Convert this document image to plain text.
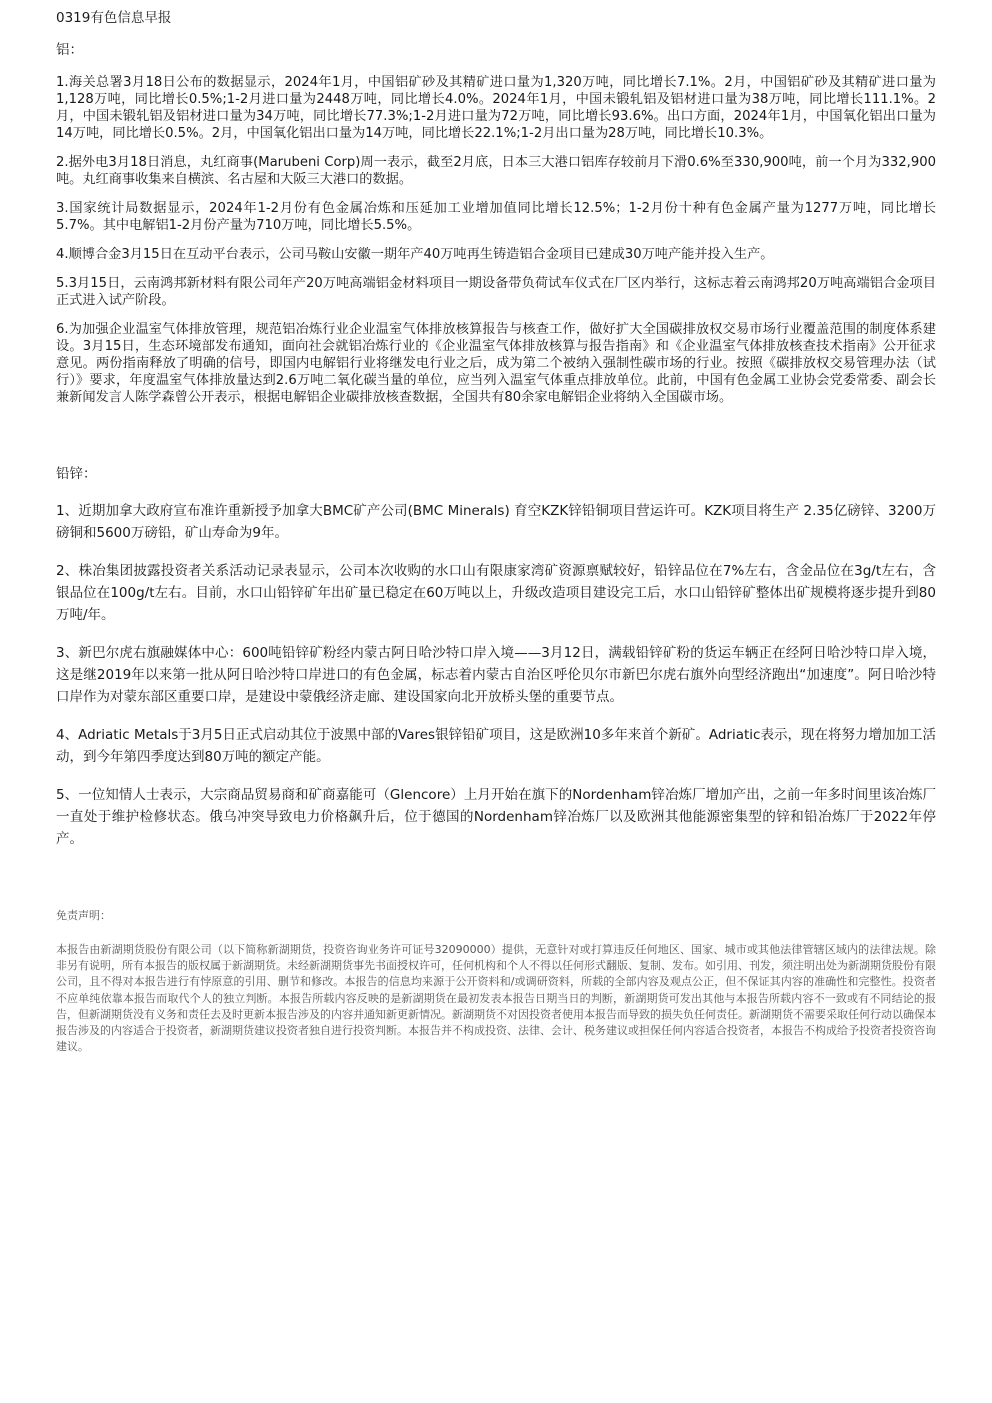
0319有色信息早报

铝：

1.海关总署3月18日公布的数据显示，2024年1月，中国铝矿砂及其精矿进口量为1,320万吨，同比增长7.1%。2月，中国铝矿砂及其精矿进口量为1,128万吨，同比增长0.5%;1-2月进口量为2448万吨，同比增长4.0%。2024年1月，中国未锻轧铝及铝材进口量为38万吨，同比增长111.1%。2月，中国未锻轧铝及铝材进口量为34万吨，同比增长77.3%;1-2月进口量为72万吨，同比增长93.6%。出口方面，2024年1月，中国氧化铝出口量为14万吨，同比增长0.5%。2月，中国氧化铝出口量为14万吨，同比增长22.1%;1-2月出口量为28万吨，同比增长10.3%。

2.据外电3月18日消息，丸红商事(Marubeni Corp)周一表示，截至2月底，日本三大港口铝库存较前月下滑0.6%至330,900吨，前一个月为332,900吨。丸红商事收集来自横滨、名古屋和大阪三大港口的数据。

3.国家统计局数据显示，2024年1-2月份有色金属冶炼和压延加工业增加值同比增长12.5%；1-2月份十种有色金属产量为1277万吨，同比增长5.7%。其中电解铝1-2月份产量为710万吨，同比增长5.5%。

4.顺博合金3月15日在互动平台表示，公司马鞍山安徽一期年产40万吨再生铸造铝合金项目已建成30万吨产能并投入生产。

5.3月15日，云南鸿邦新材料有限公司年产20万吨高端铝金材料项目一期设备带负荷试车仪式在厂区内举行，这标志着云南鸿邦20万吨高端铝合金项目正式进入试产阶段。

6.为加强企业温室气体排放管理，规范铝冶炼行业企业温室气体排放核算报告与核查工作，做好扩大全国碳排放权交易市场行业覆盖范围的制度体系建设。3月15日，生态环境部发布通知，面向社会就铝冶炼行业的《企业温室气体排放核算与报告指南》和《企业温室气体排放核查技术指南》公开征求意见。两份指南释放了明确的信号，即国内电解铝行业将继发电行业之后，成为第二个被纳入强制性碳市场的行业。按照《碳排放权交易管理办法（试行）》要求，年度温室气体排放量达到2.6万吨二氧化碳当量的单位，应当列入温室气体重点排放单位。此前，中国有色金属工业协会党委常委、副会长兼新闻发言人陈学森曾公开表示，根据电解铝企业碳排放核查数据，全国共有80余家电解铝企业将纳入全国碳市场。

铅锌：

1、近期加拿大政府宣布准许重新授予加拿大BMC矿产公司(BMC Minerals) 育空KZK锌铅铜项目营运许可。KZK项目将生产 2.35亿磅锌、3200万磅铜和5600万磅铅，矿山寿命为9年。

2、株冶集团披露投资者关系活动记录表显示，公司本次收购的水口山有限康家湾矿资源禀赋较好，铅锌品位在7%左右，含金品位在3g/t左右，含银品位在100g/t左右。目前，水口山铅锌矿年出矿量已稳定在60万吨以上，升级改造项目建设完工后，水口山铅锌矿整体出矿规模将逐步提升到80万吨/年。

3、新巴尔虎右旗融媒体中心：600吨铅锌矿粉经内蒙古阿日哈沙特口岸入境——3月12日，满载铅锌矿粉的货运车辆正在经阿日哈沙特口岸入境，这是继2019年以来第一批从阿日哈沙特口岸进口的有色金属，标志着内蒙古自治区呼伦贝尔市新巴尔虎右旗外向型经济跑出“加速度”。阿日哈沙特口岸作为对蒙东部区重要口岸，是建设中蒙俄经济走廊、建设国家向北开放桥头堡的重要节点。

4、Adriatic Metals于3月5日正式启动其位于波黑中部的Vares银锌铅矿项目，这是欧洲10多年来首个新矿。Adriatic表示，现在将努力增加加工活动，到今年第四季度达到80万吨的额定产能。

5、一位知情人士表示，大宗商品贸易商和矿商嘉能可（Glencore）上月开始在旗下的Nordenham锌冶炼厂增加产出，之前一年多时间里该冶炼厂一直处于维护检修状态。俄乌冲突导致电力价格飙升后，位于德国的Nordenham锌冶炼厂以及欧洲其他能源密集型的锌和铅冶炼厂于2022年停产。

免责声明：

本报告由新湖期货股份有限公司（以下简称新湖期货，投资咨询业务许可证号32090000）提供，无意针对或打算违反任何地区、国家、城市或其他法律管辖区域内的法律法规。除非另有说明，所有本报告的版权属于新湖期货。未经新湖期货事先书面授权许可，任何机构和个人不得以任何形式翻版、复制、发布。如引用、刊发，须注明出处为新湖期货股份有限公司，且不得对本报告进行有悖原意的引用、删节和修改。本报告的信息均来源于公开资料和/或调研资料，所载的全部内容及观点公正，但不保证其内容的准确性和完整性。投资者不应单纯依靠本报告而取代个人的独立判断。本报告所载内容反映的是新湖期货在最初发表本报告日期当日的判断，新湖期货可发出其他与本报告所载内容不一致或有不同结论的报告，但新湖期货没有义务和责任去及时更新本报告涉及的内容并通知新更新情况。新湖期货不对因投资者使用本报告而导致的损失负任何责任。新湖期货不需要采取任何行动以确保本报告涉及的内容适合于投资者，新湖期货建议投资者独自进行投资判断。本报告并不构成投资、法律、会计、税务建议或担保任何内容适合投资者，本报告不构成给予投资者投资咨询建议。
